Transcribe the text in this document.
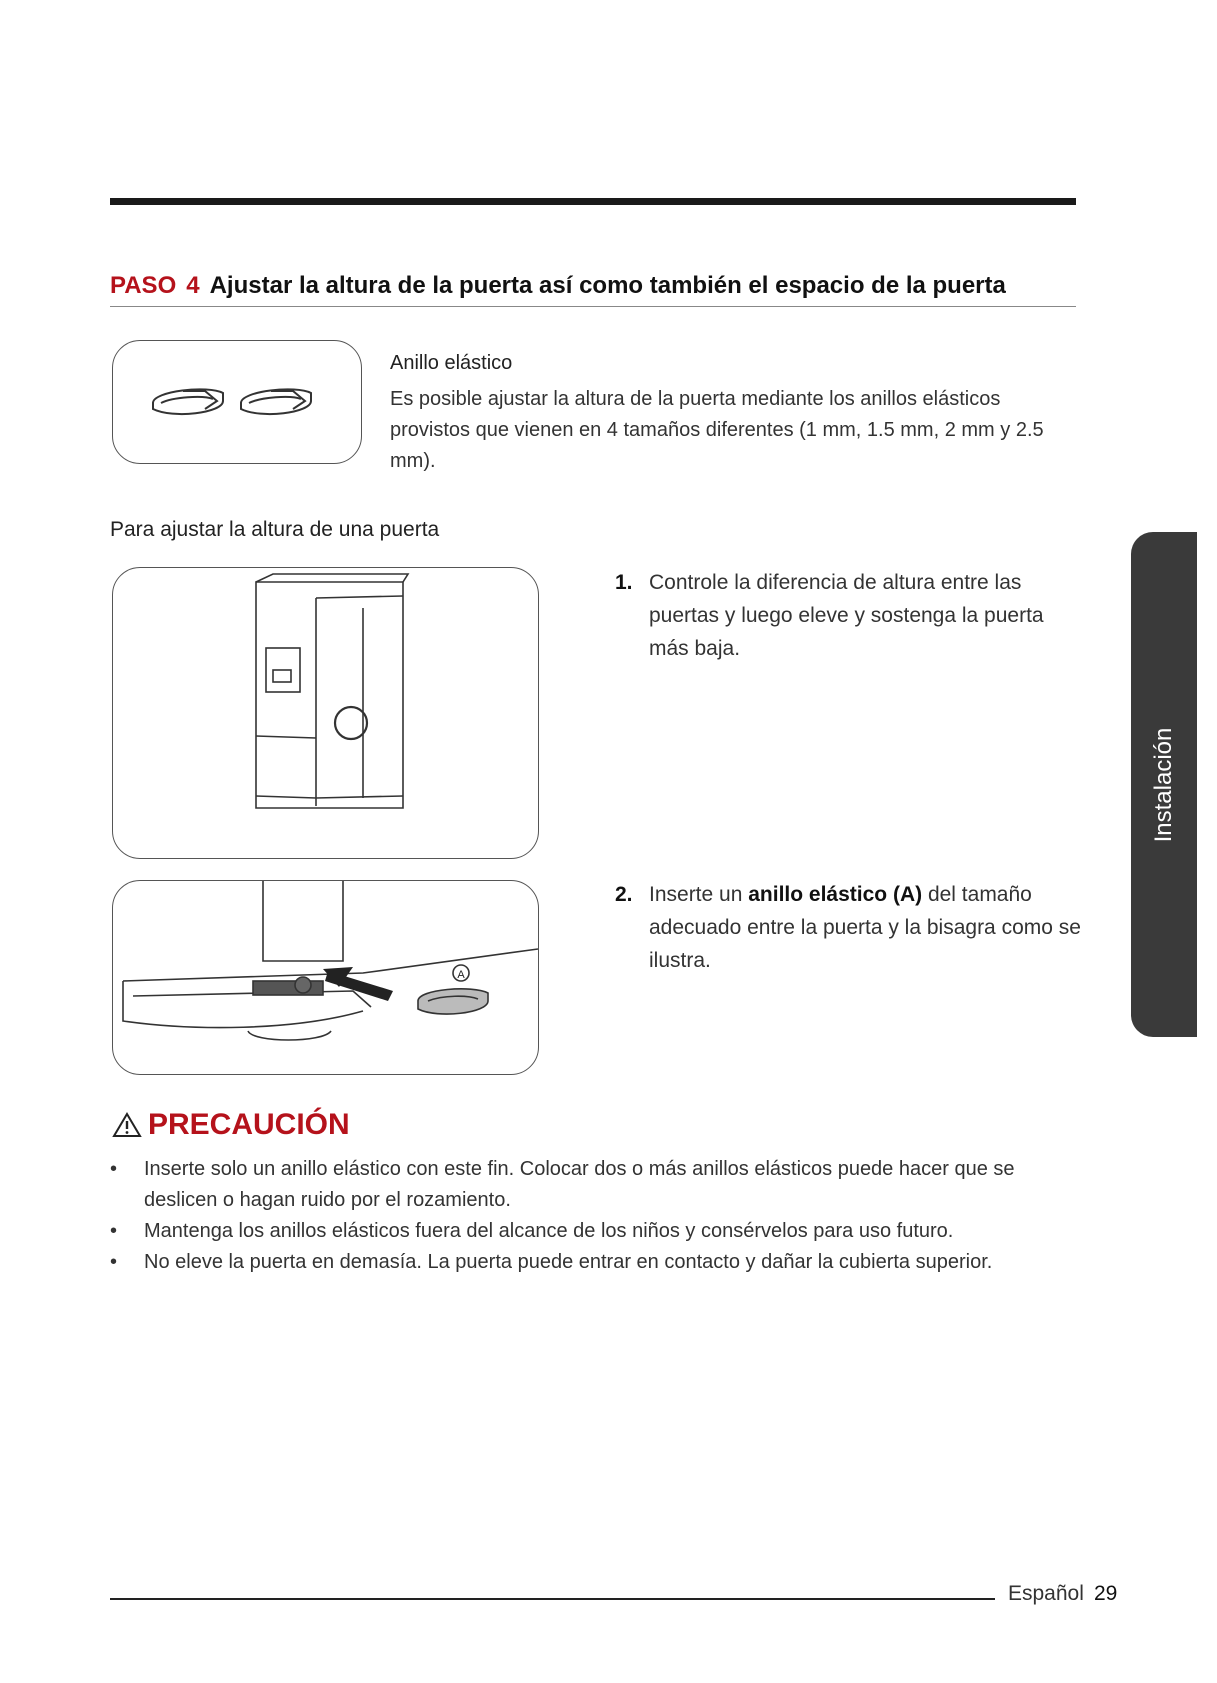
PASO 4 Ajustar la altura de la puerta así como también el espacio de la puerta
Anillo elástico
Es posible ajustar la altura de la puerta mediante los anillos elásticos provistos que vienen en 4 tamaños diferentes (1 mm, 1.5 mm, 2 mm y 2.5 mm).
Para ajustar la altura de una puerta
A
1. Controle la diferencia de altura entre las puertas y luego eleve y sostenga la puerta más baja.
2. Inserte un anillo elástico (A) del tamaño adecuado entre la puerta y la bisagra como se ilustra.
Instalación
PRECAUCIÓN
• Inserte solo un anillo elástico con este fin. Colocar dos o más anillos elásticos puede hacer que se deslicen o hagan ruido por el rozamiento.
• Mantenga los anillos elásticos fuera del alcance de los niños y consérvelos para uso futuro.
• No eleve la puerta en demasía. La puerta puede entrar en contacto y dañar la cubierta superior.
Español 29
